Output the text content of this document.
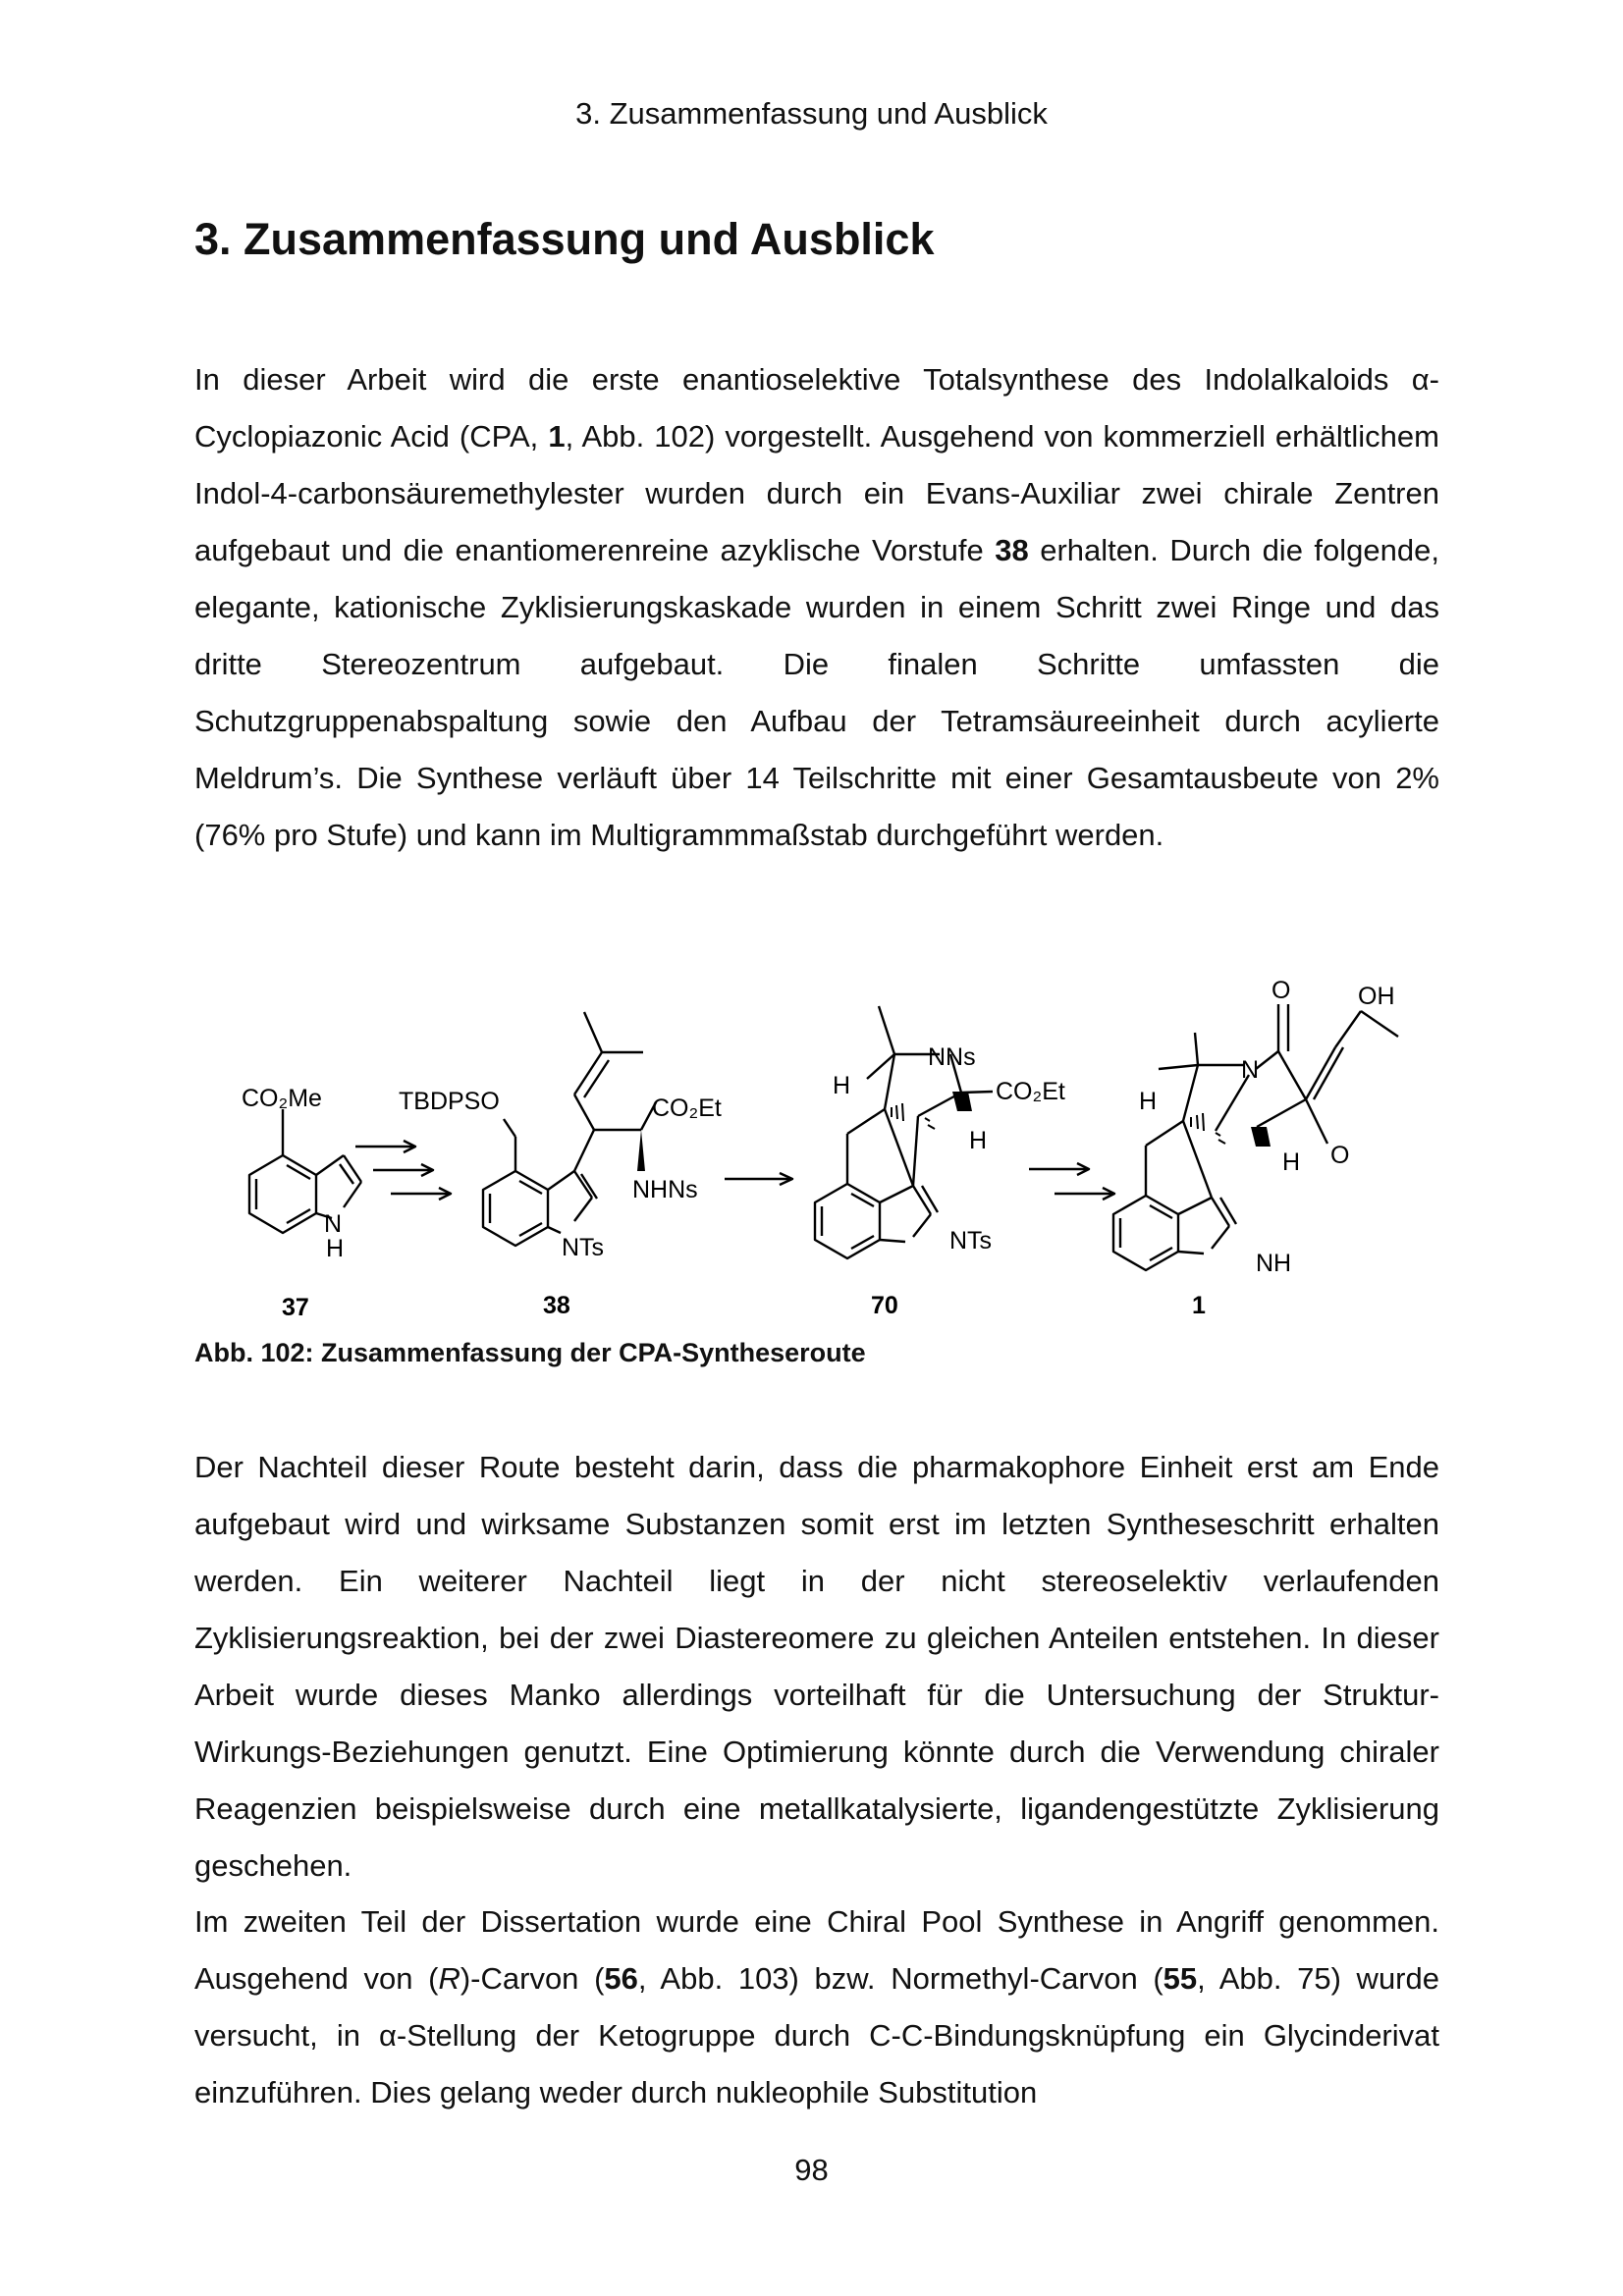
3. Zusammenfassung und Ausblick
3. Zusammenfassung und Ausblick

In dieser Arbeit wird die erste enantioselektive Totalsynthese des Indolalkaloids α-Cyclopiazonic Acid (CPA, 1, Abb. 102) vorgestellt. Ausgehend von kommerziell erhältlichem Indol-4-carbonsäuremethylester wurden durch ein Evans-Auxiliar zwei chirale Zentren aufgebaut und die enantiomerenreine azyklische Vorstufe 38 erhalten. Durch die folgende, elegante, kationische Zyklisierungskaskade wurden in einem Schritt zwei Ringe und das dritte Stereozentrum aufgebaut. Die finalen Schritte umfassten die Schutzgruppenabspaltung sowie den Aufbau der Tetramsäureeinheit durch acylierte Meldrum’s. Die Synthese verläuft über 14 Teilschritte mit einer Gesamtausbeute von 2% (76% pro Stufe) und kann im Multigrammmaßstab durchgeführt werden.

CO₂Me
N
H
TBDPSO	CO₂Et
NHNs
NTs
NNs
CO₂Et
H
H
NTs
O	OH
N
H
O
H
NH
37	38	70	1
Abb. 102: Zusammenfassung der CPA-Syntheseroute

Der Nachteil dieser Route besteht darin, dass die pharmakophore Einheit erst am Ende aufgebaut wird und wirksame Substanzen somit erst im letzten Syntheseschritt erhalten werden. Ein weiterer Nachteil liegt in der nicht stereoselektiv verlaufenden Zyklisierungsreaktion, bei der zwei Diastereomere zu gleichen Anteilen entstehen. In dieser Arbeit wurde dieses Manko allerdings vorteilhaft für die Untersuchung der Struktur-Wirkungs-Beziehungen genutzt. Eine Optimierung könnte durch die Verwendung chiraler Reagenzien beispielsweise durch eine metallkatalysierte, ligandengestützte Zyklisierung geschehen.

Im zweiten Teil der Dissertation wurde eine Chiral Pool Synthese in Angriff genommen. Ausgehend von (R)-Carvon (56, Abb. 103) bzw. Normethyl-Carvon (55, Abb. 75) wurde versucht, in α-Stellung der Ketogruppe durch C-C-Bindungsknüpfung ein Glycinderivat einzuführen. Dies gelang weder durch nukleophile Substitution

98
